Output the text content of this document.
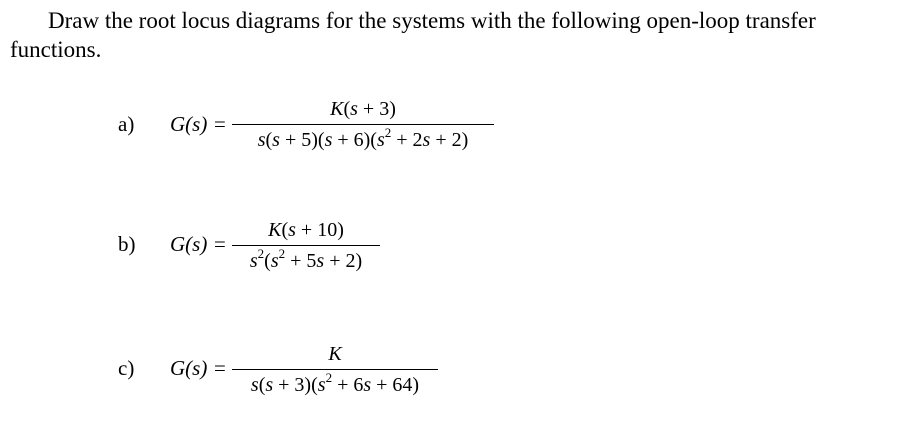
Draw the root locus diagrams for the systems with the following open-loop transfer functions.
a) G(s) =
K(s + 3)
$s(s + 5)(s + 6)(s^2 + 2s + 2)$
b) G(s) =
K(s + 10)
$s^2(s^2 + 5s + 2)$
c) G(s) =
K
$s(s + 3)(s^2 + 6s + 64)$
